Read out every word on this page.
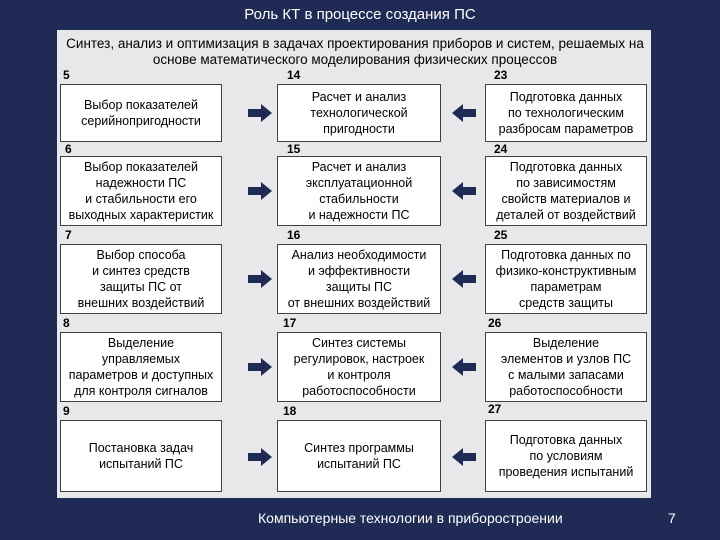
Роль КТ в процессе создания ПС
Синтез, анализ и оптимизация в задачах проектирования приборов и систем, решаемых на основе математического моделирования физических процессов
5	14	23
Выбор показателей
серийнопригодности
Расчет и анализ
технологической
пригодности
Подготовка данных
по технологическим
разбросам параметров
6	15	24
Выбор показателей
надежности ПС
и стабильности его
выходных характеристик
Расчет и анализ
эксплуатационной
стабильности
и надежности ПС
Подготовка данных
по зависимостям
свойств материалов и
деталей от воздействий
7	16	25
Выбор способа
и синтез средств
защиты ПС от
внешних воздействий
Анализ необходимости
и эффективности
защиты ПС
от внешних воздействий
Подготовка данных по
физико-конструктивным
параметрам
средств защиты
8	17	26
Выделение
управляемых
параметров и доступных
для контроля сигналов
Синтез системы
регулировок, настроек
и контроля
работоспособности
Выделение
элементов и узлов ПС
с малыми запасами
работоспособности
9	18	27
Постановка задач
испытаний ПС
Синтез программы
испытаний ПС
Подготовка данных
по условиям
проведения испытаний
Компьютерные технологии в приборостроении	7
